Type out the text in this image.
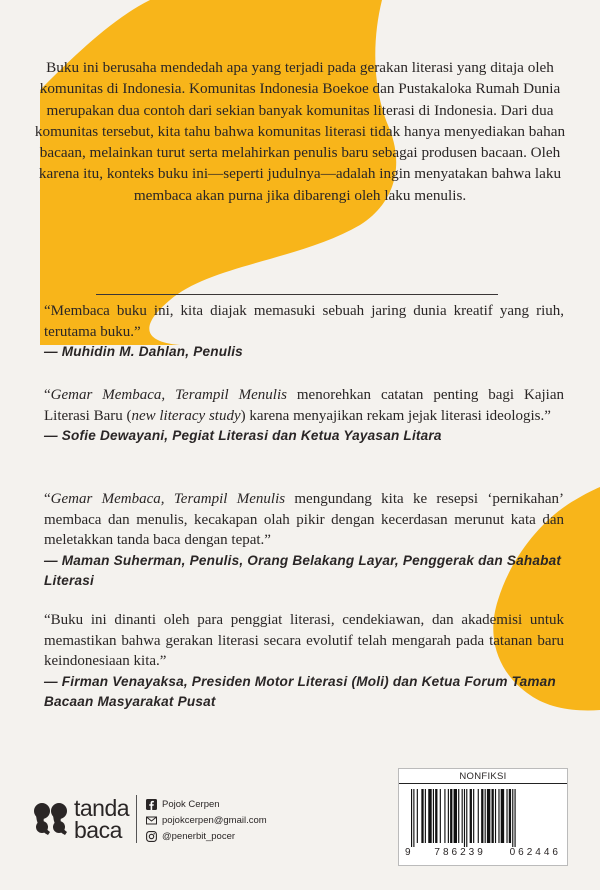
Buku ini berusaha mendedah apa yang terjadi pada gerakan literasi yang ditaja oleh komunitas di Indonesia. Komunitas Indonesia Boekoe dan Pustakaloka Rumah Dunia merupakan dua contoh dari sekian banyak komunitas literasi di Indonesia. Dari dua komunitas tersebut, kita tahu bahwa komunitas literasi tidak hanya menyediakan bahan bacaan, melainkan turut serta melahirkan penulis baru sebagai produsen bacaan. Oleh karena itu, konteks buku ini—seperti judulnya—adalah ingin menyatakan bahwa laku membaca akan purna jika dibarengi oleh laku menulis.
“Membaca buku ini, kita diajak memasuki sebuah jaring dunia kreatif yang riuh, terutama buku.”
— Muhidin M. Dahlan, Penulis
“Gemar Membaca, Terampil Menulis menorehkan catatan penting bagi Kajian Literasi Baru (new literacy study) karena menyajikan rekam jejak literasi ideologis.”
— Sofie Dewayani, Pegiat Literasi dan Ketua Yayasan Litara
“Gemar Membaca, Terampil Menulis mengundang kita ke resepsi ‘pernikahan’ membaca dan menulis, kecakapan olah pikir dengan kecerdasan merunut kata dan meletakkan tanda baca dengan tepat.”
— Maman Suherman, Penulis, Orang Belakang Layar, Penggerak dan Sahabat Literasi
“Buku ini dinanti oleh para penggiat literasi, cendekiawan, dan akademisi untuk memastikan bahwa gerakan literasi secara evolutif telah mengarah pada tatanan baru keindonesiaan kita.”
— Firman Venayaksa, Presiden Motor Literasi (Moli) dan Ketua Forum Taman Bacaan Masyarakat Pusat
tanda
baca
Pojok Cerpen
pojokcerpen@gmail.com
@penerbit_pocer
NONFIKSI
9 786239 062446
